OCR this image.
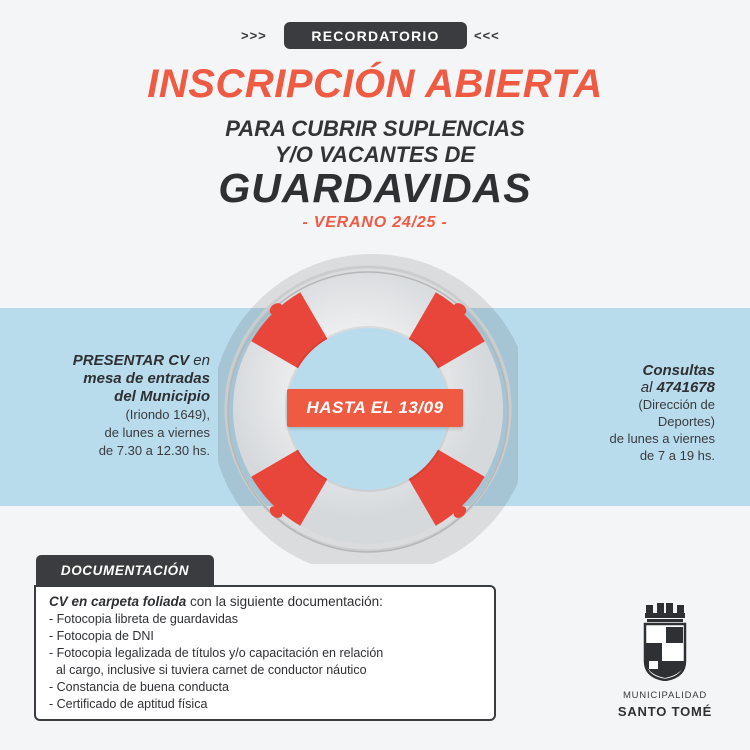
>>>	RECORDATORIO	<<<
INSCRIPCIÓN ABIERTA
PARA CUBRIR SUPLENCIAS
Y/O VACANTES DE
GUARDAVIDAS
- VERANO 24/25 -
HASTA EL 13/09
PRESENTAR CV en
mesa de entradas
del Municipio
(Iriondo 1649),
de lunes a viernes
de 7.30 a 12.30 hs.
Consultas
al 4741678
(Dirección de
Deportes)
de lunes a viernes
de 7 a 19 hs.
DOCUMENTACIÓN
CV en carpeta foliada con la siguiente documentación:
- Fotocopia libreta de guardavidas
- Fotocopia de DNI
- Fotocopia legalizada de títulos y/o capacitación en relación
al cargo, inclusive si tuviera carnet de conductor náutico
- Constancia de buena conducta
- Certificado de aptitud física
MUNICIPALIDAD
SANTO TOMÉ
